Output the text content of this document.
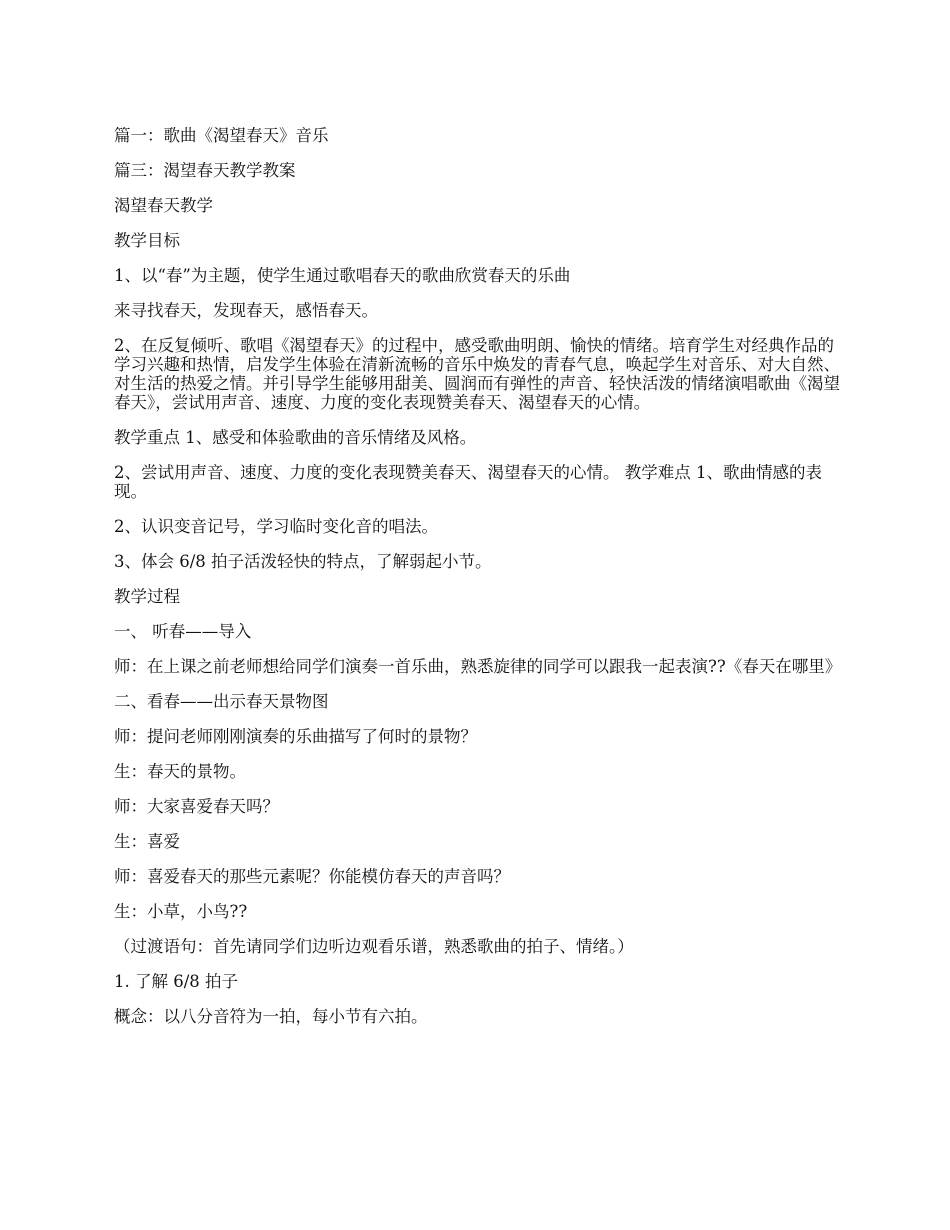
篇一：歌曲《渴望春天》音乐

篇三：渴望春天教学教案

渴望春天教学

教学目标

1、以“春”为主题，使学生通过歌唱春天的歌曲欣赏春天的乐曲

来寻找春天，发现春天，感悟春天。

2、在反复倾听、歌唱《渴望春天》的过程中，感受歌曲明朗、愉快的情绪。培育学生对经典作品的学习兴趣和热情，启发学生体验在清新流畅的音乐中焕发的青春气息，唤起学生对音乐、对大自然、对生活的热爱之情。并引导学生能够用甜美、圆润而有弹性的声音、轻快活泼的情绪演唱歌曲《渴望春天》，尝试用声音、速度、力度的变化表现赞美春天、渴望春天的心情。

教学重点 1、感受和体验歌曲的音乐情绪及风格。

2、尝试用声音、速度、力度的变化表现赞美春天、渴望春天的心情。 教学难点 1、歌曲情感的表现。

2、认识变音记号，学习临时变化音的唱法。

3、体会 6/8 拍子活泼轻快的特点，了解弱起小节。

教学过程

一、 听春——导入

师：在上课之前老师想给同学们演奏一首乐曲，熟悉旋律的同学可以跟我一起表演??《春天在哪里》

二、看春——出示春天景物图

师：提问老师刚刚演奏的乐曲描写了何时的景物？

生：春天的景物。

师：大家喜爱春天吗？

生：喜爱

师：喜爱春天的那些元素呢？你能模仿春天的声音吗？

生：小草，小鸟??

（过渡语句：首先请同学们边听边观看乐谱，熟悉歌曲的拍子、情绪。）

1. 了解 6/8 拍子

概念：以八分音符为一拍，每小节有六拍。
